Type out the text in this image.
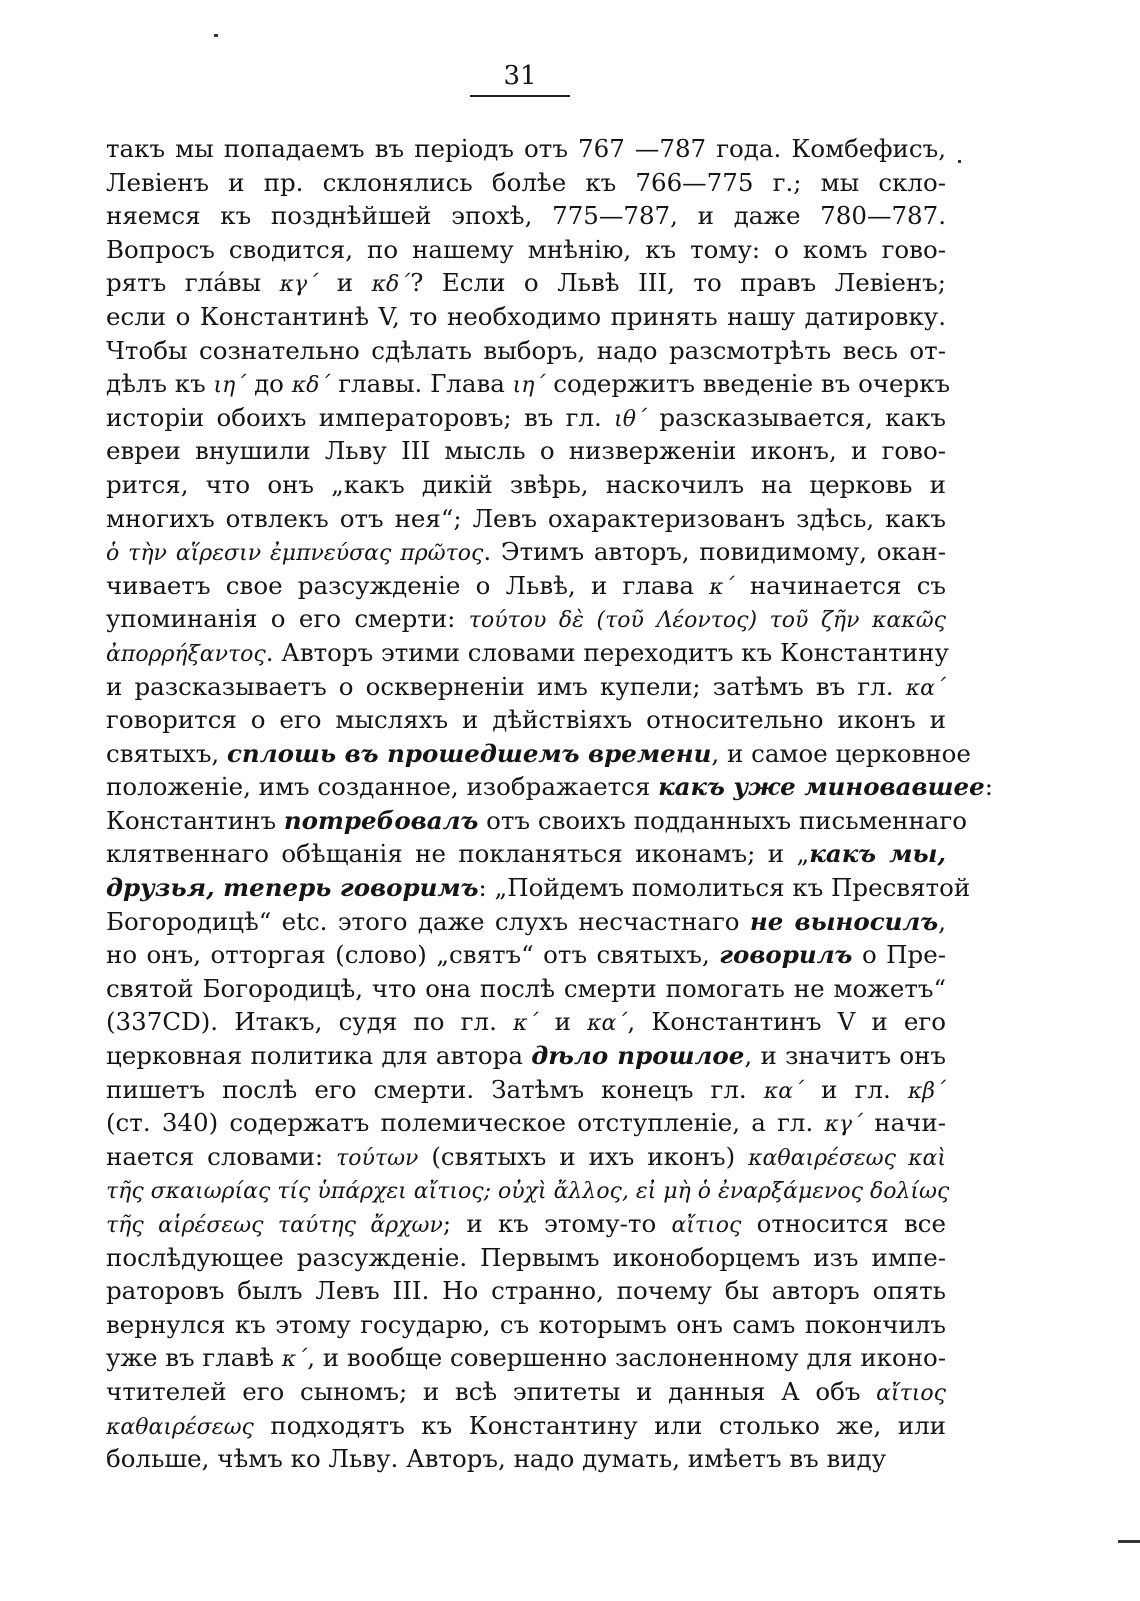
31
такъ мы попадаемъ въ періодъ отъ 767 —787 года. Комбефисъ,
Левіенъ и пр. склонялись болѣе къ 766—775 г.; мы скло-
няемся къ позднѣйшей эпохѣ, 775—787, и даже 780—787.
Вопросъ сводится, по нашему мнѣнію, къ тому: о комъ гово-
рятъ глáвы κγ΄ и κδ΄? Если о Львѣ III, то правъ Левіенъ;
если о Константинѣ V, то необходимо принять нашу датировку.
Чтобы сознательно сдѣлать выборъ, надо разсмотрѣть весь от-
дѣлъ къ ιη΄ до κδ΄ главы. Глава ιη΄ содержитъ введеніе въ очеркъ
исторіи обоихъ императоровъ; въ гл. ιθ΄ разсказывается, какъ
евреи внушили Льву III мысль о низверженіи иконъ, и гово-
рится, что онъ „какъ дикій звѣрь, наскочилъ на церковь и
многихъ отвлекъ отъ нея“; Левъ охарактеризованъ здѣсь, какъ
ὁ τὴν αἵρεσιν ἐμπνεύσας πρῶτος. Этимъ авторъ, повидимому, окан-
чиваетъ свое разсужденіе о Львѣ, и глава κ΄ начинается съ
упоминанія о его смерти: τούτου δὲ (τοῦ Λέοντος) τοῦ ζῆν κακῶς
ἀπορρήξαντος. Авторъ этими словами переходитъ къ Константину
и разсказываетъ о оскверненіи имъ купели; затѣмъ въ гл. κα΄
говорится о его мысляхъ и дѣйствіяхъ относительно иконъ и
святыхъ, сплошь въ прошедшемъ времени, и самое церковное
положеніе, имъ созданное, изображается какъ уже миновавшее:
Константинъ потребовалъ отъ своихъ подданныхъ письменнаго
клятвеннаго обѣщанія не покланяться иконамъ; и „какъ мы,
друзья, теперь говоримъ: „Пойдемъ помолиться къ Пресвятой
Богородицѣ“ etc. этого даже слухъ несчастнаго не выносилъ,
но онъ, отторгая (слово) „святъ“ отъ святыхъ, говорилъ о Пре-
святой Богородицѣ, что она послѣ смерти помогать не можетъ“
(337CD). Итакъ, судя по гл. κ΄ и κα΄, Константинъ V и его
церковная политика для автора дѣло прошлое, и значитъ онъ
пишетъ послѣ его смерти. Затѣмъ конецъ гл. κα΄ и гл. κβ΄
(ст. 340) содержатъ полемическое отступленіе, а гл. κγ΄ начи-
нается словами: τούτων (святыхъ и ихъ иконъ) καθαιρέσεως καὶ
τῆς σκαιωρίας τίς ὑπάρχει αἴτιος; οὐχὶ ἄλλος, εἰ μὴ ὁ ἐναρξάμενος δολίως
τῆς αἱρέσεως ταύτης ἄρχων; и къ этому-то αἴτιος относится все
послѣдующее разсужденіе. Первымъ иконоборцемъ изъ импе-
раторовъ былъ Левъ III. Но странно, почему бы авторъ опять
вернулся къ этому государю, съ которымъ онъ самъ покончилъ
уже въ главѣ κ΄, и вообще совершенно заслоненному для иконо-
чтителей его сыномъ; и всѣ эпитеты и данныя А объ αἴτιος
καθαιρέσεως подходятъ къ Константину или столько же, или
больше, чѣмъ ко Льву. Авторъ, надо думать, имѣетъ въ виду
